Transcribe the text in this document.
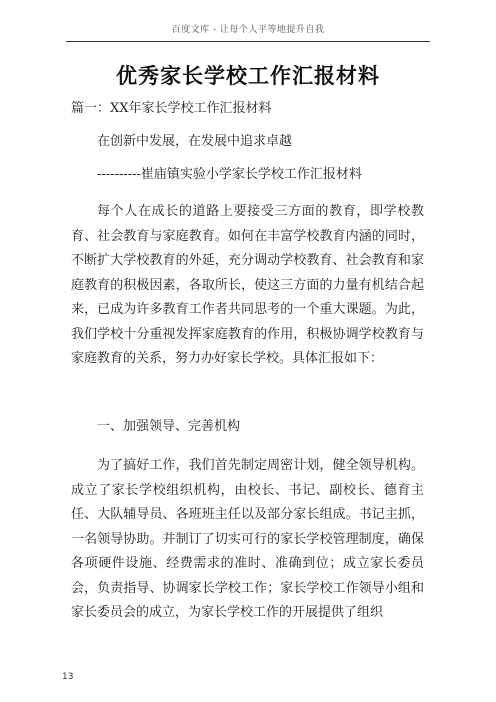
百度文库 - 让每个人平等地提升自我
优秀家长学校工作汇报材料
篇一：XX年家长学校工作汇报材料
在创新中发展，在发展中追求卓越
----------崔庙镇实验小学家长学校工作汇报材料
每个人在成长的道路上要接受三方面的教育，即学校教育、社会教育与家庭教育。如何在丰富学校教育内涵的同时，不断扩大学校教育的外延，充分调动学校教育、社会教育和家庭教育的积极因素，各取所长，使这三方面的力量有机结合起来，已成为许多教育工作者共同思考的一个重大课题。为此，我们学校十分重视发挥家庭教育的作用，积极协调学校教育与家庭教育的关系，努力办好家长学校。具体汇报如下：
一、加强领导、完善机构
为了搞好工作，我们首先制定周密计划，健全领导机构。成立了家长学校组织机构，由校长、书记、副校长、德育主任、大队辅导员、各班班主任以及部分家长组成。书记主抓，一名领导协助。并制订了切实可行的家长学校管理制度，确保各项硬件设施、经费需求的准时、准确到位；成立家长委员会，负责指导、协调家长学校工作；家长学校工作领导小组和家长委员会的成立，为家长学校工作的开展提供了组织
13
